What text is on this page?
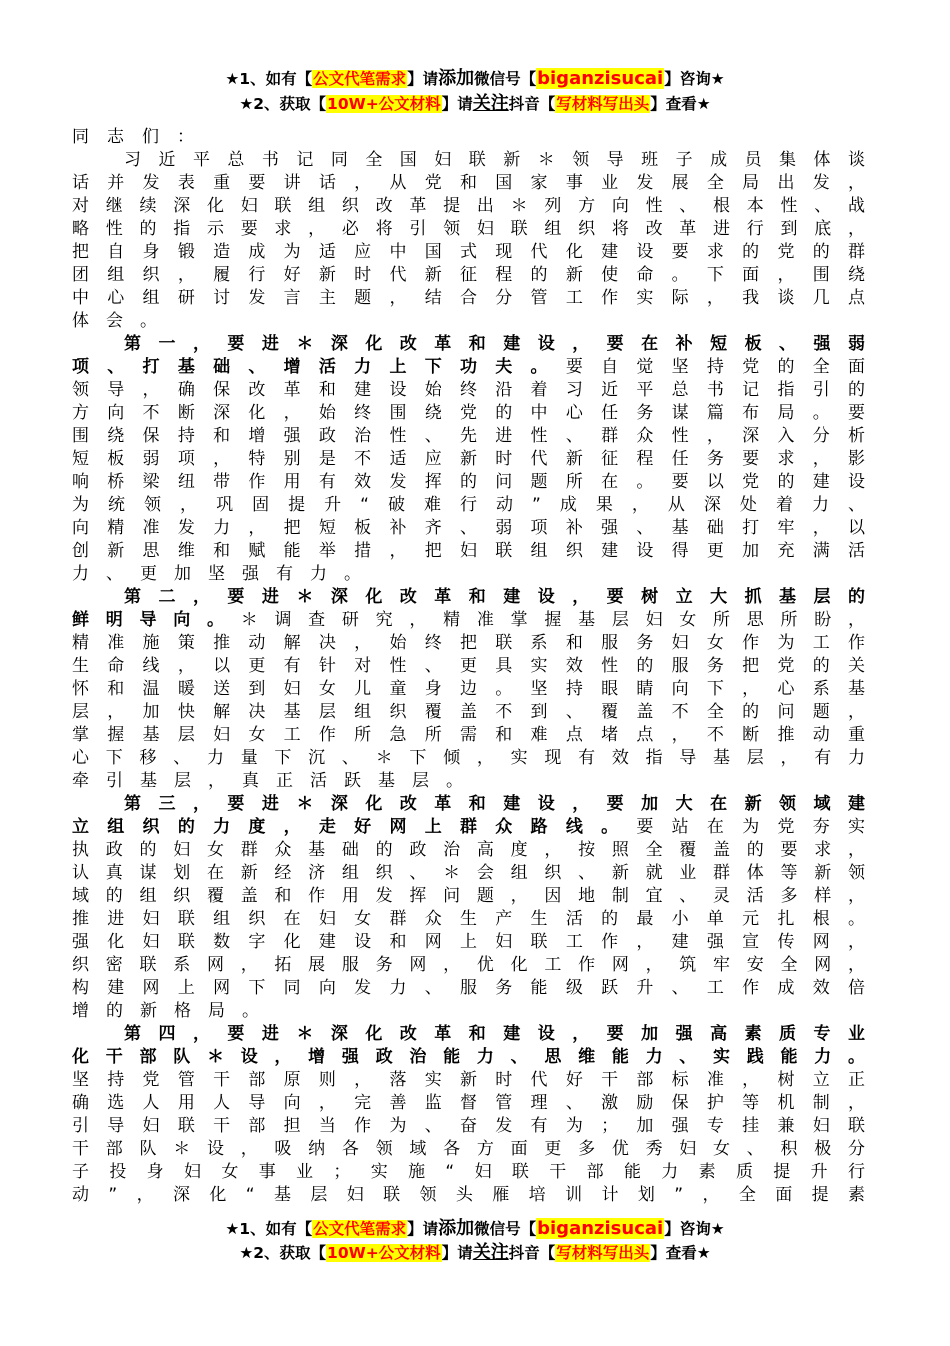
★1、如有【公文代笔需求】请添加微信号【biganzisucai】咨询★
★2、获取【10W+公文材料】请关注抖音【写材料写出头】查看★
同志们：
习近平总书记同全国妇联新＊领导班子成员集体谈
话并发表重要讲话，从党和国家事业发展全局出发，
对继续深化妇联组织改革提出＊列方向性、根本性、战
略性的指示要求，必将引领妇联组织将改革进行到底，
把自身锻造成为适应中国式现代化建设要求的党的群
团组织，履行好新时代新征程的新使命。下面，围绕
中心组研讨发言主题，结合分管工作实际，我谈几点
体会。
第一，要进＊深化改革和建设，要在补短板、强弱
项、打基础、增活力上下功夫。要自觉坚持党的全面
领导，确保改革和建设始终沿着习近平总书记指引的
方向不断深化，始终围绕党的中心任务谋篇布局。要
围绕保持和增强政治性、先进性、群众性，深入分析
短板弱项，特别是不适应新时代新征程任务要求，影
响桥梁纽带作用有效发挥的问题所在。要以党的建设
为统领，巩固提升“破难行动”成果，从深处着力、
向精准发力，把短板补齐、弱项补强、基础打牢，以
创新思维和赋能举措，把妇联组织建设得更加充满活
力、更加坚强有力。
第二，要进＊深化改革和建设，要树立大抓基层的
鲜明导向。＊调查研究，精准掌握基层妇女所思所盼，
精准施策推动解决，始终把联系和服务妇女作为工作
生命线，以更有针对性、更具实效性的服务把党的关
怀和温暖送到妇女儿童身边。坚持眼睛向下，心系基
层，加快解决基层组织覆盖不到、覆盖不全的问题，
掌握基层妇女工作所急所需和难点堵点，不断推动重
心下移、力量下沉、＊下倾，实现有效指导基层，有力
牵引基层，真正活跃基层。
第三，要进＊深化改革和建设，要加大在新领域建
立组织的力度，走好网上群众路线。要站在为党夯实
执政的妇女群众基础的政治高度，按照全覆盖的要求，
认真谋划在新经济组织、＊会组织、新就业群体等新领
域的组织覆盖和作用发挥问题，因地制宜、灵活多样，
推进妇联组织在妇女群众生产生活的最小单元扎根。
强化妇联数字化建设和网上妇联工作，建强宣传网，
织密联系网，拓展服务网，优化工作网，筑牢安全网，
构建网上网下同向发力、服务能级跃升、工作成效倍
增的新格局。
第四，要进＊深化改革和建设，要加强高素质专业
化干部队＊设，增强政治能力、思维能力、实践能力。
坚持党管干部原则，落实新时代好干部标准，树立正
确选人用人导向，完善监督管理、激励保护等机制，
引导妇联干部担当作为、奋发有为；加强专挂兼妇联
干部队＊设，吸纳各领域各方面更多优秀妇女、积极分
子投身妇女事业；实施“妇联干部能力素质提升行
动”，深化“基层妇联领头雁培训计划”，全面提素
★1、如有【公文代笔需求】请添加微信号【biganzisucai】咨询★
★2、获取【10W+公文材料】请关注抖音【写材料写出头】查看★
